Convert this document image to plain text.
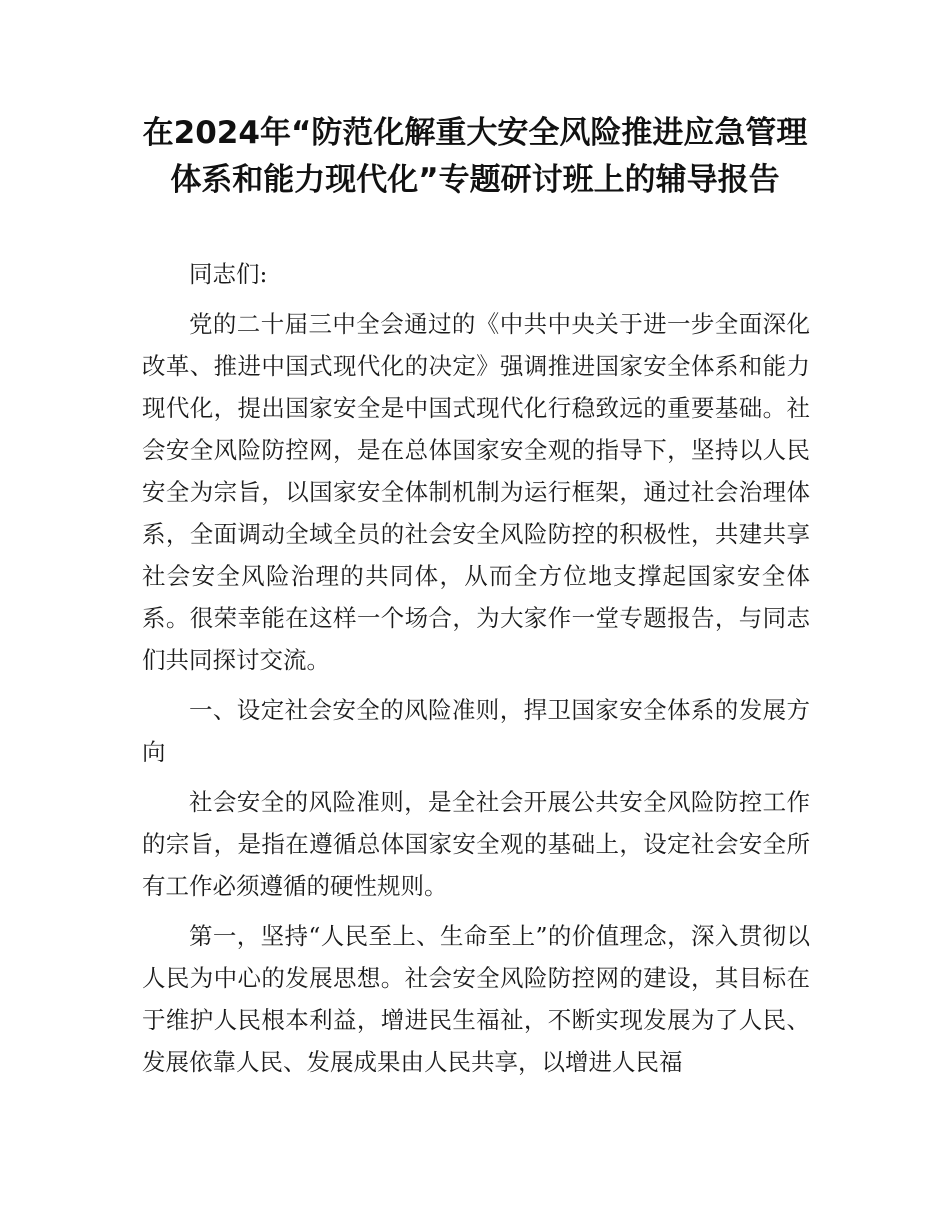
在2024年“防范化解重大安全风险推进应急管理体系和能力现代化”专题研讨班上的辅导报告

同志们:

党的二十届三中全会通过的《中共中央关于进一步全面深化改革、推进中国式现代化的决定》强调推进国家安全体系和能力现代化，提出国家安全是中国式现代化行稳致远的重要基础。社会安全风险防控网，是在总体国家安全观的指导下，坚持以人民安全为宗旨，以国家安全体制机制为运行框架，通过社会治理体系，全面调动全域全员的社会安全风险防控的积极性，共建共享社会安全风险治理的共同体，从而全方位地支撑起国家安全体系。很荣幸能在这样一个场合，为大家作一堂专题报告，与同志们共同探讨交流。

一、设定社会安全的风险准则，捍卫国家安全体系的发展方向

社会安全的风险准则，是全社会开展公共安全风险防控工作的宗旨，是指在遵循总体国家安全观的基础上，设定社会安全所有工作必须遵循的硬性规则。

第一，坚持“人民至上、生命至上”的价值理念，深入贯彻以人民为中心的发展思想。社会安全风险防控网的建设，其目标在于维护人民根本利益，增进民生福祉，不断实现发展为了人民、发展依靠人民、发展成果由人民共享，以增进人民福
